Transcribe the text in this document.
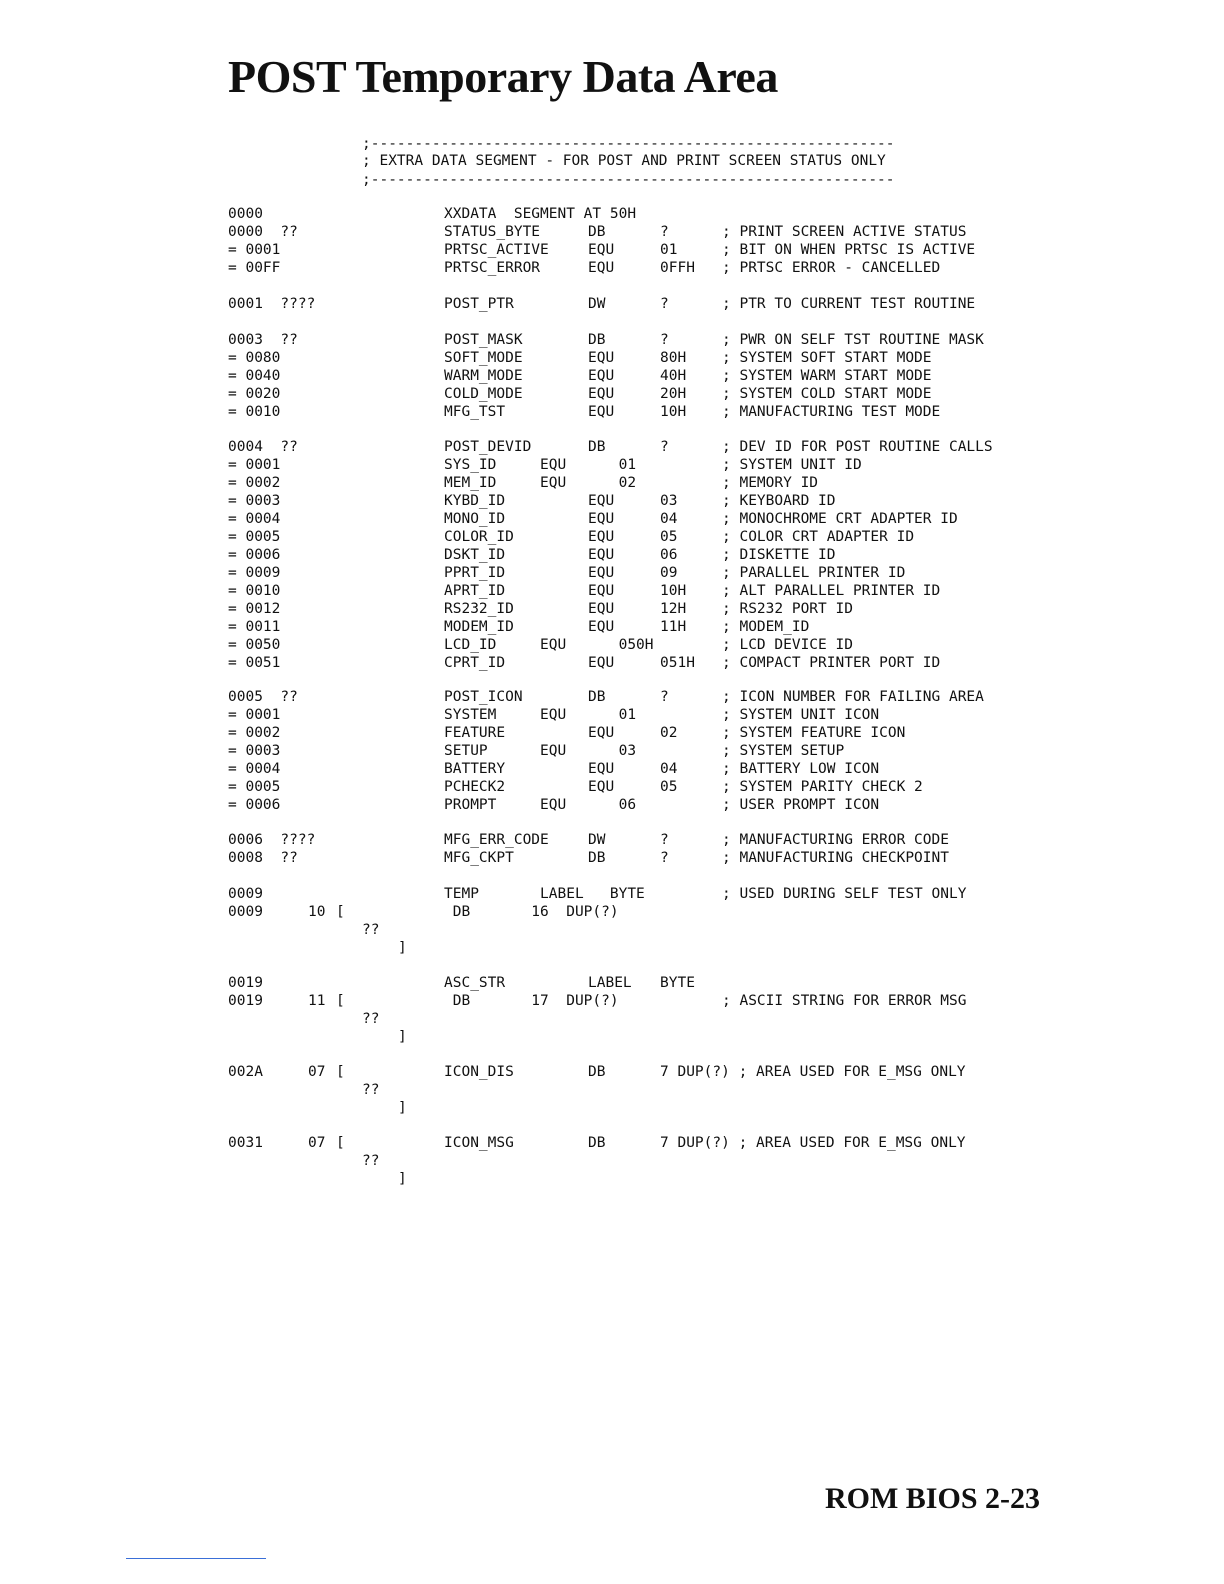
POST Temporary Data Area
;------------------------------------------------------------
; EXTRA DATA SEGMENT - FOR POST AND PRINT SCREEN STATUS ONLY
;------------------------------------------------------------
0000	XXDATA  SEGMENT AT 50H
0000  ??	STATUS_BYTE	DB	?	; PRINT SCREEN ACTIVE STATUS
= 0001	PRTSC_ACTIVE	EQU	01	; BIT ON WHEN PRTSC IS ACTIVE
= 00FF	PRTSC_ERROR	EQU	0FFH ; PRTSC ERROR - CANCELLED
0001  ????	POST_PTR	DW	?	; PTR TO CURRENT TEST ROUTINE
0003  ??	POST_MASK	DB	?	; PWR ON SELF TST ROUTINE MASK
= 0080	SOFT_MODE	EQU	80H ; SYSTEM SOFT START MODE
= 0040	WARM_MODE	EQU	40H ; SYSTEM WARM START MODE
= 0020	COLD_MODE	EQU	20H ; SYSTEM COLD START MODE
= 0010	MFG_TST	EQU	10H ; MANUFACTURING TEST MODE
0004  ??	POST_DEVID	DB	?	; DEV ID FOR POST ROUTINE CALLS
= 0001	SYS_ID     EQU      01	; SYSTEM UNIT ID
= 0002	MEM_ID     EQU      02	; MEMORY ID
= 0003	KYBD_ID	EQU	03	; KEYBOARD ID
= 0004	MONO_ID	EQU	04	; MONOCHROME CRT ADAPTER ID
= 0005	COLOR_ID	EQU	05	; COLOR CRT ADAPTER ID
= 0006	DSKT_ID	EQU	06	; DISKETTE ID
= 0009	PPRT_ID	EQU	09	; PARALLEL PRINTER ID
= 0010	APRT_ID	EQU	10H ; ALT PARALLEL PRINTER ID
= 0012	RS232_ID	EQU	12H ; RS232 PORT ID
= 0011	MODEM_ID	EQU	11H ; MODEM_ID
= 0050	LCD_ID     EQU      050H	; LCD DEVICE ID
= 0051	CPRT_ID	EQU	051H ; COMPACT PRINTER PORT ID
0005  ??	POST_ICON	DB	?	; ICON NUMBER FOR FAILING AREA
= 0001	SYSTEM     EQU      01	; SYSTEM UNIT ICON
= 0002	FEATURE	EQU	02	; SYSTEM FEATURE ICON
= 0003	SETUP      EQU      03	; SYSTEM SETUP
= 0004	BATTERY	EQU	04	; BATTERY LOW ICON
= 0005	PCHECK2	EQU	05	; SYSTEM PARITY CHECK 2
= 0006	PROMPT     EQU      06	; USER PROMPT ICON
0006  ????	MFG_ERR_CODE	DW	?	; MANUFACTURING ERROR CODE
0008  ??	MFG_CKPT	DB	?	; MANUFACTURING CHECKPOINT
0009	TEMP       LABEL   BYTE	; USED DURING SELF TEST ONLY
0009	10 [	DB       16  DUP(?)
??
]
0019	ASC_STR	LABEL BYTE
0019	11 [	DB       17  DUP(?)	; ASCII STRING FOR ERROR MSG
??
]
002A	07 [	ICON_DIS	DB	7 DUP(?) ; AREA USED FOR E_MSG ONLY
??
]
0031	07 [	ICON_MSG	DB	7 DUP(?) ; AREA USED FOR E_MSG ONLY
??
]
ROM BIOS 2-23
